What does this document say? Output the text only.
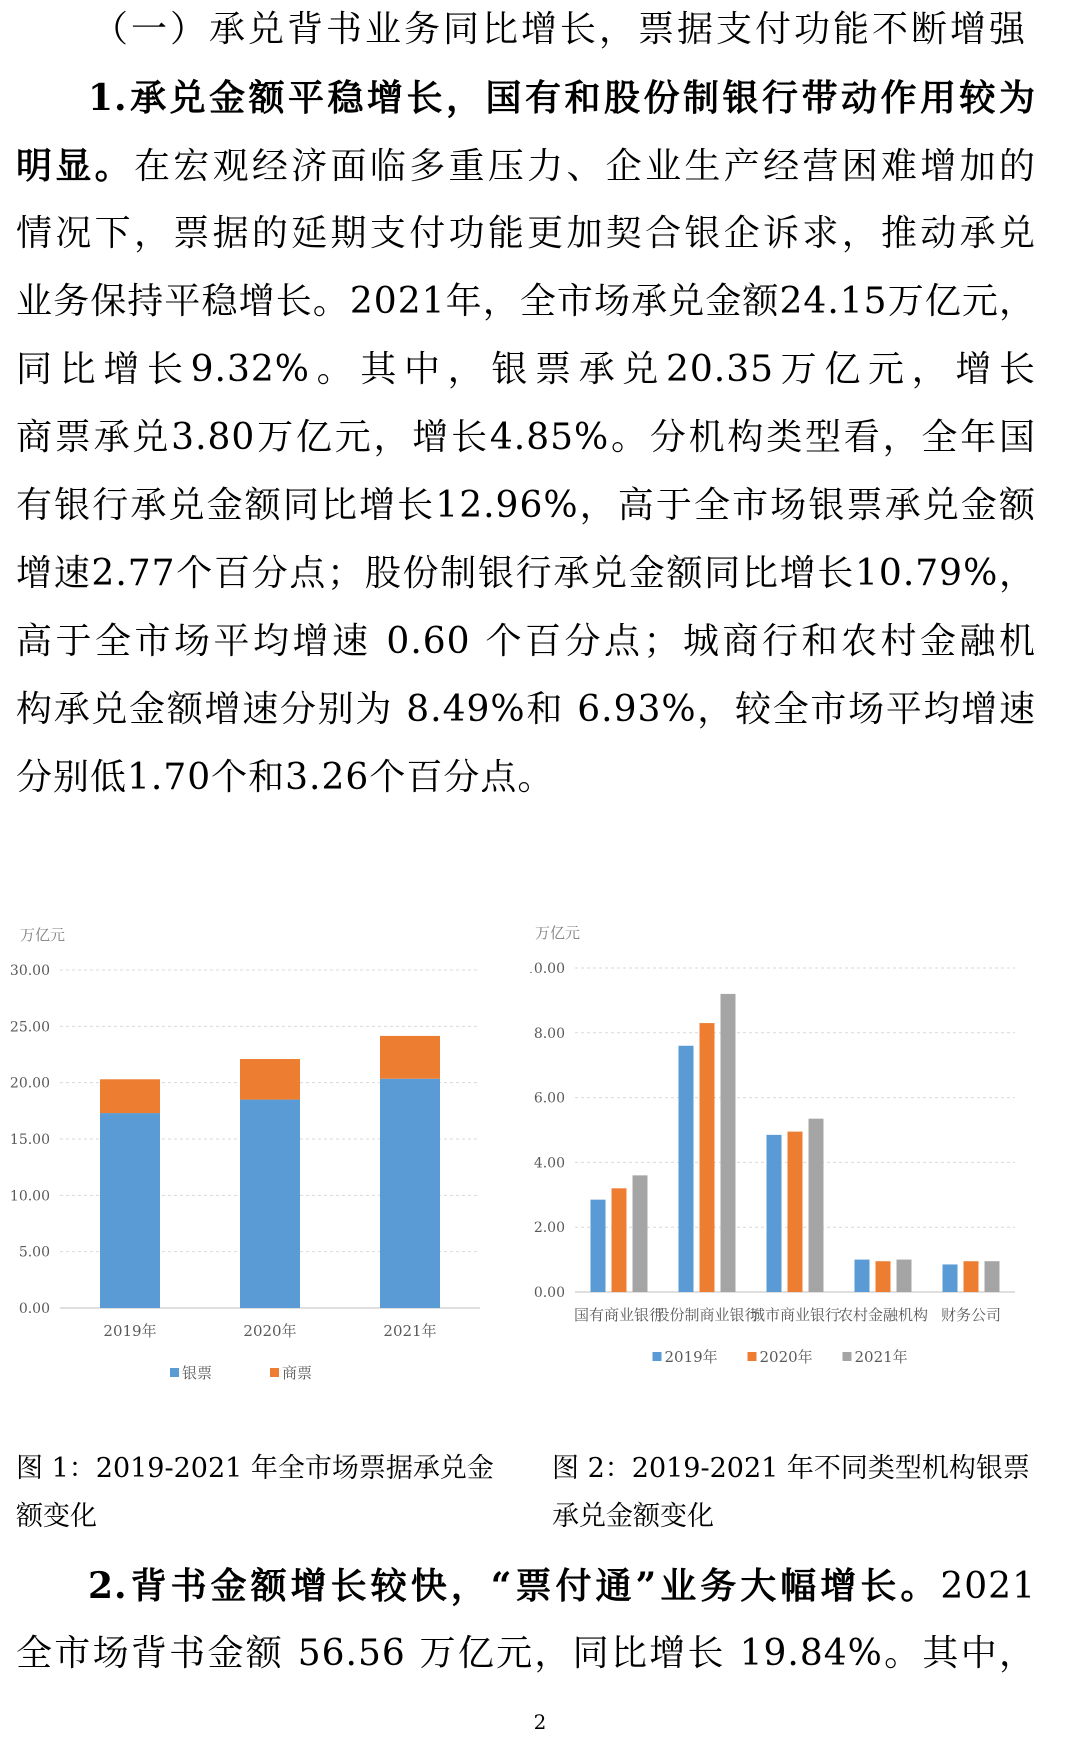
（一）承兑背书业务同比增长，票据支付功能不断增强
1.承兑金额平稳增长，国有和股份制银行带动作用较为
明显。在宏观经济面临多重压力、企业生产经营困难增加的
情况下，票据的延期支付功能更加契合银企诉求，推动承兑
业务保持平稳增长。2021年，全市场承兑金额24.15万亿元，
同比增长9.32%。其中，银票承兑20.35万亿元，增长
商票承兑3.80万亿元，增长4.85%。分机构类型看，全年国
有银行承兑金额同比增长12.96%，高于全市场银票承兑金额
增速2.77个百分点；股份制银行承兑金额同比增长10.79%，
高于全市场平均增速 0.60 个百分点；城商行和农村金融机
构承兑金额增速分别为 8.49%和 6.93%，较全市场平均增速
分别低1.70个和3.26个百分点。
万亿元
0.00
5.00
10.00
15.00
20.00
25.00
30.00
2019年	2020年	2021年
银票	商票
万亿元
0.00
2.00
4.00
6.00
8.00
0.00
国有商业银行
股份制商业银行
城市商业银行
农村金融机构 财务公司
2019年	2020年	2021年
图 1：2019-2021 年全市场票据承兑金
额变化
图 2：2019-2021 年不同类型机构银票
承兑金额变化
2.背书金额增长较快，“票付通”业务大幅增长。2021
全市场背书金额 56.56 万亿元，同比增长 19.84%。其中，
2
